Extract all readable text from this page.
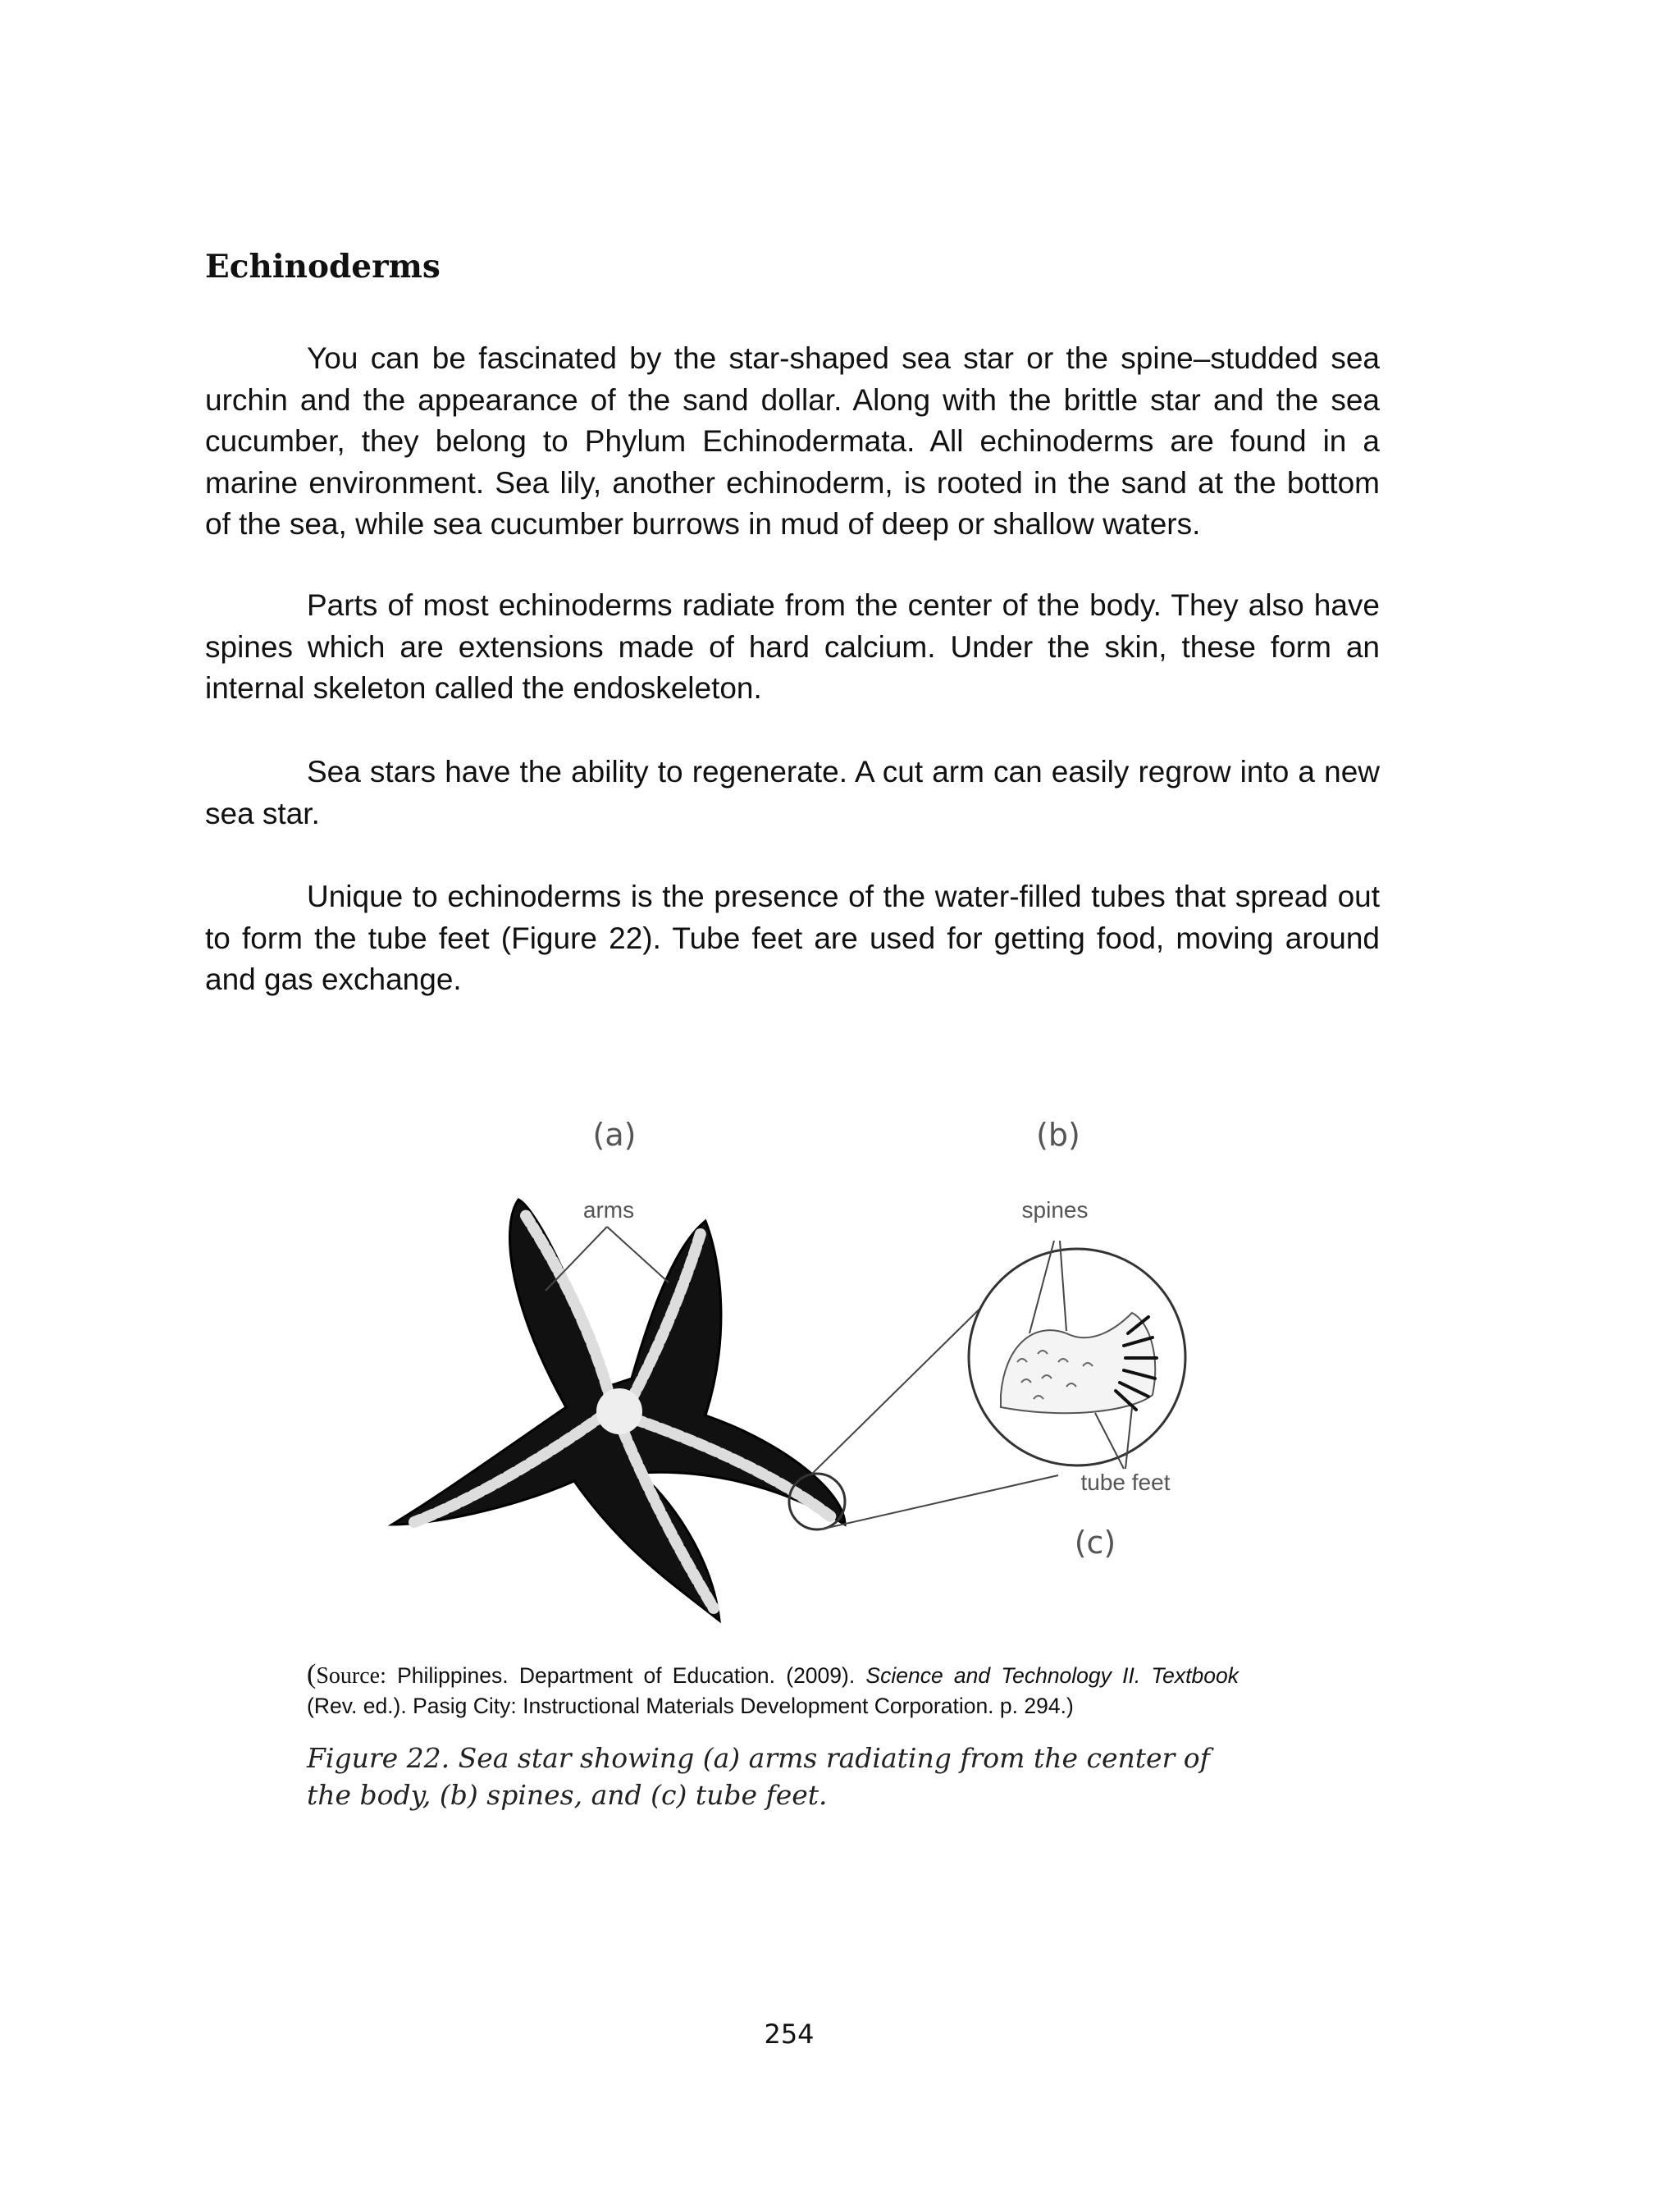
Echinoderms

You can be fascinated by the star-shaped sea star or the spine–studded sea urchin and the appearance of the sand dollar. Along with the brittle star and the sea cucumber, they belong to Phylum Echinodermata. All echinoderms are found in a marine environment. Sea lily, another echinoderm, is rooted in the sand at the bottom of the sea, while sea cucumber burrows in mud of deep or shallow waters.

Parts of most echinoderms radiate from the center of the body. They also have spines which are extensions made of hard calcium. Under the skin, these form an internal skeleton called the endoskeleton.

Sea stars have the ability to regenerate. A cut arm can easily regrow into a new sea star.

Unique to echinoderms is the presence of the water-filled tubes that spread out to form the tube feet (Figure 22). Tube feet are used for getting food, moving around and gas exchange.

(a)	(b)
(c)
arms	spines
tube feet

(Source: Philippines. Department of Education. (2009). Science and Technology II. Textbook (Rev. ed.). Pasig City: Instructional Materials Development Corporation. p. 294.)

Figure 22. Sea star showing (a) arms radiating from the center of the body, (b) spines, and (c) tube feet.

254
